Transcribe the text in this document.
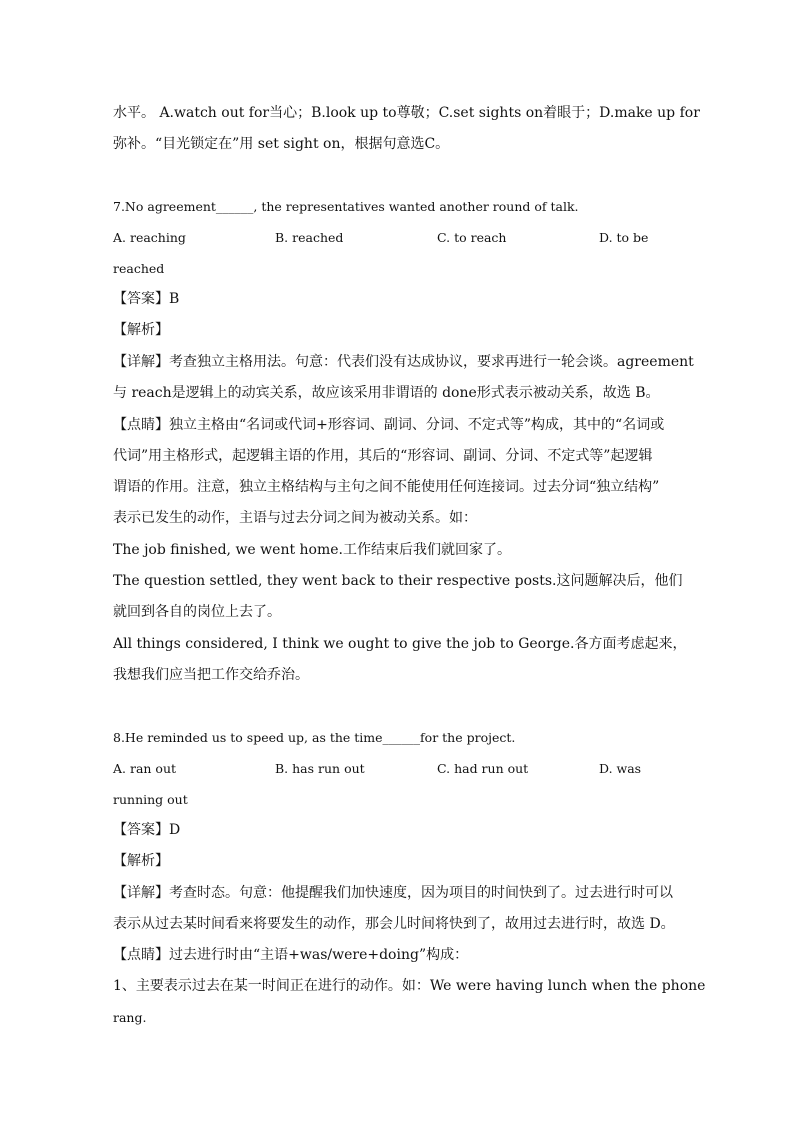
水平。 A.watch out for当心；B.look up to尊敬；C.set sights on着眼于；D.make up for
弥补。“目光锁定在”用 set sight on，根据句意选C。
7.No agreement______, the representatives wanted another round of talk.
A. reaching	B. reached	C. to reach	D. to be
reached
【答案】B
【解析】
【详解】考查独立主格用法。句意：代表们没有达成协议，要求再进行一轮会谈。agreement
与 reach是逻辑上的动宾关系，故应该采用非谓语的 done形式表示被动关系，故选 B。
【点睛】独立主格由“名词或代词+形容词、副词、分词、不定式等”构成，其中的“名词或
代词”用主格形式，起逻辑主语的作用，其后的“形容词、副词、分词、不定式等”起逻辑
谓语的作用。注意，独立主格结构与主句之间不能使用任何连接词。过去分词“独立结构”
表示已发生的动作，主语与过去分词之间为被动关系。如：
The job finished, we went home.工作结束后我们就回家了。
The question settled, they went back to their respective posts.这问题解决后，他们
就回到各自的岗位上去了。
All things considered, I think we ought to give the job to George.各方面考虑起来，
我想我们应当把工作交给乔治。
8.He reminded us to speed up, as the time______for the project.
A. ran out	B. has run out	C. had run out	D. was
running out
【答案】D
【解析】
【详解】考查时态。句意：他提醒我们加快速度，因为项目的时间快到了。过去进行时可以
表示从过去某时间看来将要发生的动作，那会儿时间将快到了，故用过去进行时，故选 D。
【点睛】过去进行时由“主语+was/were+doing”构成：
1、主要表示过去在某一时间正在进行的动作。如：We were having lunch when the phone
rang.
